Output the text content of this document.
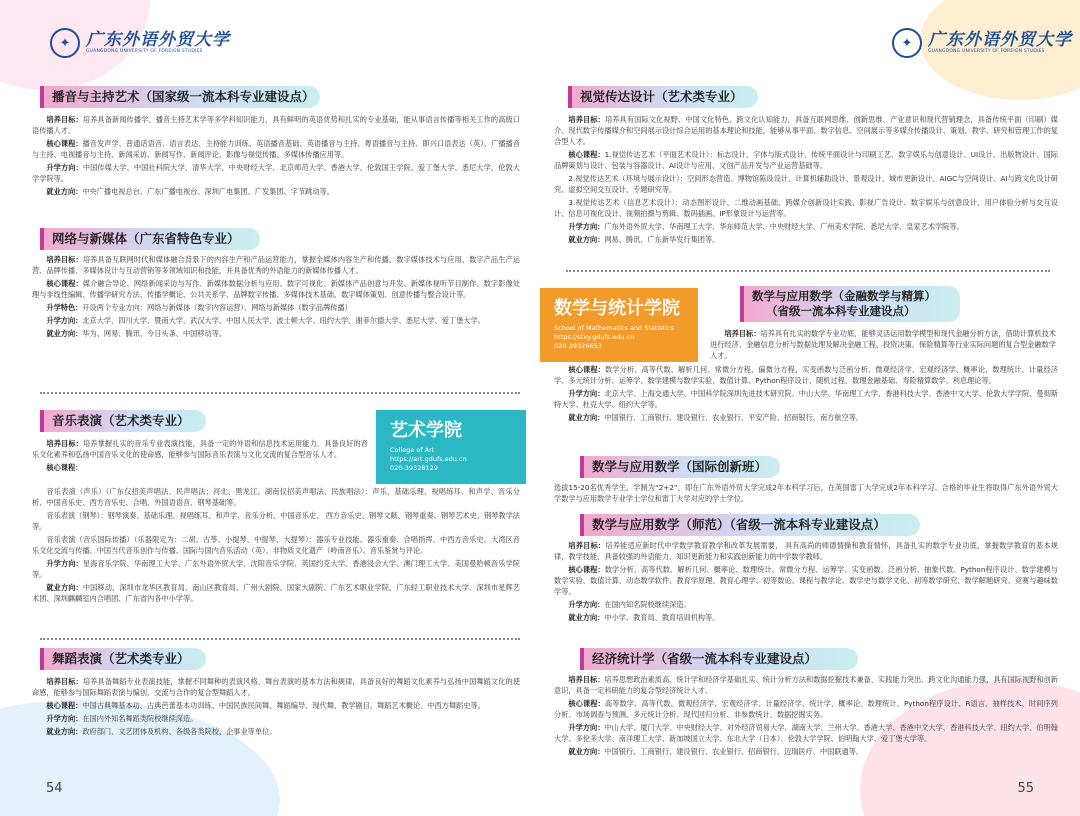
✦ 广东外语外贸大学
GUANGDONG UNIVERSITY OF FOREIGN STUDIES
播音与主持艺术（国家级一流本科专业建设点）

培养目标：培养具备新闻传播学、播音主持艺术学等多学科知识能力，具有鲜明的英语优势和扎实的专业基础，能从事语言传播等相关工作的高级口语传播人才。

核心课程：播音发声学、普通话语音、语言表达、主持能力训练、英语播音基础、英语播音与主持、粤语播音与主持、即兴口语表达（英）、广播播音与主持、电视播音与主持、新闻采访、新闻写作、新闻评论、影像与视觉传播、多媒体传播应用等。

升学方向：中国传媒大学、中国社科院大学、清华大学、中央财经大学、北京师范大学、香港大学、伦敦国王学院、爱丁堡大学、悉尼大学、伦敦大学学院等。

就业方向：中央广播电视总台、广东广播电视台、深圳广电集团、广发集团、字节跳动等。

网络与新媒体（广东省特色专业）

培养目标：培养具备互联网时代和媒体融合背景下的内容生产和产品运营能力，掌握全媒体内容生产和传播、数字媒体技术与应用、数字产品生产运营、品牌传播、多媒体设计与互动营销等多领域知识和技能，并具备优秀的外语能力的新媒体传播人才。

核心课程：媒介融合导论、网络新闻采访与写作、新媒体数据分析与应用、数字可视化、新媒体产品创意与开发、新媒体视听节目制作、数字影像处理与非线性编辑、传播学研究方法、传播学概论、公共关系学、品牌数字传播、多媒体技术基础、数字媒体策划、创意传播与整合设计等。

升学特色：开设两个专业方向：网络与新媒体（数字内容运营）、网络与新媒体（数字品牌传播）

升学方向：北京大学、四川大学、暨南大学、武汉大学、中国人民大学、波士顿大学、纽约大学、谢菲尔德大学、悉尼大学、爱丁堡大学。

就业方向：华为、网易、腾讯、今日头条、中国移动等。

艺术学院
College of Art
https://art.gdufs.edu.cn
020-39328129
音乐表演（艺术类专业）

培养目标：培养掌握扎实的音乐专业表演技能，具备一定的外语和信息技术运用能力，具备良好的音乐文化素养和弘扬中国音乐文化的使命感，能够参与国际音乐表演与文化交流的复合型音乐人才。

核心课程：

音乐表演（声乐）（广东仅招美声唱法、民声唱法；河北、黑龙江、湖南仅招美声唱法、民族唱法）：声乐、基础乐理、视唱练耳、和声学、音乐分析、中国音乐史、西方音乐史、合唱、外国语语音、钢琴基础等。

音乐表演（钢琴）：钢琴演奏、基础乐理、视唱练耳、和声学、音乐分析、中国音乐史、 西方音乐史、钢琴文献、钢琴重奏、钢琴艺术史、钢琴教学法等。

音乐表演（音乐国际传播）（乐器限定为：二胡、古筝、小提琴、中提琴、大提琴）：器乐专业技能、器乐重奏、合唱指挥、中西方音乐史、大湾区音乐文化交流与传播、中国当代音乐创作与传播、国际与国内音乐活动（英）、非物质文化遗产（岭南音乐）、音乐鉴赏与评论。

升学方向：星海音乐学院、华南理工大学、广东外语外贸大学、沈阳音乐学院、英国约克大学、香港浸会大学、澳门理工大学、美国曼哈顿音乐学院等。

就业方向：中国移动、深圳市龙华区教育局、南山区教育局、广州大剧院、国家大剧院、广东艺术职业学院、广东轻工职业技术大学、深圳市星辉艺术团、深圳麒麟室内合唱团、广东省内各中小学等。

舞蹈表演（艺术类专业）

培养目标：培养具备舞蹈专业表演技能，掌握不同舞种的表演风格、舞台表演的基本方法和规律，具备良好的舞蹈文化素养与弘扬中国舞蹈文化的使命感，能够参与国际舞蹈表演与编创、交流与合作的复合型舞蹈人才。

核心课程：中国古典舞基本功、古典芭蕾基本功训练、中国民族民间舞、舞蹈编导、现代舞、教学剧目、舞蹈艺术概论、中西方舞蹈史等。

升学方向：在国内外知名舞蹈类院校继续深造。

就业方向：政府部门、文艺团体及机构、各级各类院校、企事业等单位。

54
✦ 广东外语外贸大学
GUANGDONG UNIVERSITY OF FOREIGN STUDIES
视觉传达设计（艺术类专业）

培养目标：培养具有国际文化视野、中国文化特色、跨文化认知能力，具备互联网思维、创新思维、产业意识和现代营销理念，具备传统平面（印刷）媒介、现代数字传播媒介和空间展示设计综合运用的基本理论和技能，能够从事平面、数字信息、空间展示等多媒介传播设计、策划、教学、研究和管理工作的复合型人才。

核心课程：1.视觉传达艺术（平面艺术设计）：标志设计、字体与版式设计、传统平面设计与印刷工艺、数字娱乐与创意设计、UI设计、出版物设计、国际品牌策划与设计、包装与容器设计、AI设计与应用、文创产品开发与产业运营基础等。

2.视觉传达艺术（环境与展示设计）：空间形态营造、博物馆陈设设计、计算机辅助设计、景观设计、城市更新设计、AIGC与空间设计、AI与跨文化设计研究、虚拟空间交互设计、专题研究等。

3.视觉传达艺术（信息艺术设计）：动态图形设计、二维动画基础、跨媒介创新设计实践、影视广告设计、数字娱乐与创意设计、用户体验分析与交互设计、信息可视化设计、视频拍摄与剪辑、数码插画、IP形象设计与运营等。

升学方向：广东外语外贸大学、华南理工大学、华东师范大学、中央财经大学、广州美术学院、悉尼大学、皇家艺术学院等。

就业方向：网易、腾讯、广东新华发行集团等。

数学与统计学院
School of Mathematics and Statistics
https://stxy.gdufs.edu.cn
020-39326653
数学与应用数学（金融数学与精算）
（省级一流本科专业建设点）

培养目标：培养具有扎实的数学专业功底，能够灵活运用数学模型和现代金融分析方法，借助计算机技术进行经济、金融信息分析与数据处理及解决金融工程、投资决策、保险精算等行业实际问题的复合型金融数学人才。

核心课程：数学分析、高等代数、解析几何、常微分方程、偏微分方程、实变函数与泛函分析、微观经济学、宏观经济学、概率论、数理统计、计量经济学、多元统计分析、运筹学、数学建模与数学实验、数值计算、Python程序设计、随机过程、数理金融基础、寿险精算数学、利息理论等。

升学方向：北京大学、上海交通大学、中国科学院深圳先进技术研究院、中山大学、华南理工大学、香港科技大学、香港中文大学、伦敦大学学院、曼彻斯特大学、杜克大学、纽约大学等。

就业方向：中国银行、工商银行、建设银行、农业银行、平安产险、招商银行、南方航空等。

数学与应用数学（国际创新班）

选拔15-20名优秀学生，学制为“2+2”，即在广东外语外贸大学完成2年本科学习后，在英国雷丁大学完成2年本科学习。合格的毕业生将取得广东外语外贸大学数学与应用数学专业学士学位和雷丁大学对应的学士学位。

数学与应用数学（师范）（省级一流本科专业建设点）

培养目标：培养能适应新时代中学数学教育教学和改革发展需要， 具有高尚的师德情操和教育情怀，具备扎实的数学专业功底，掌握数学教育的基本规律，教学技能，具备较强的外语能力、知识更新能力和实践创新能力的中学数学教师。

核心课程：数学分析、高等代数、解析几何、概率论、数理统计、常微分方程、运筹学、实变函数、泛函分析、抽象代数、Python程序设计、数学建模与数学实验、数值计算、动态数学软件、教育学原理、教育心理学、初等数论、课程与教学论、数学史与数学文化、初等数学研究、数学解题研究、竞赛与趣味数学等。

升学方向：在国内知名院校继续深造。

就业方向：中小学、教育局、教育培训机构等。

经济统计学（省级一流本科专业建设点）

培养目标：培养思想政治素质高、统计学和经济学基础扎实、统计分析方法和数据挖掘技术兼备、实践能力突出、跨文化沟通能力强，具有国际视野和创新意识，具备一定科研能力的复合型经济统计人才。

核心课程：高等数学、高等代数、微观经济学、宏观经济学、计量经济学、统计学、概率论、数理统计、Python程序设计、R语言、抽样技术、时间序列分析、市场调查与预测、多元统计分析、现代回归分析、非参数统计、数据挖掘实务。

升学方向：中山大学、厦门大学、中央财经大学、对外经济贸易大学、湖南大学、兰州大学、香港大学、香港中文大学、香港科技大学、纽约大学、伯明翰大学、多伦多大学、南洋理工大学、新加坡国立大学、东北大学（日本）、伦敦大学学院、伯明翰大学、爱丁堡大学等。

就业方向：中国银行、工商银行、建设银行、农业银行、招商银行、迈瑞医疗、中国联通等。

55
